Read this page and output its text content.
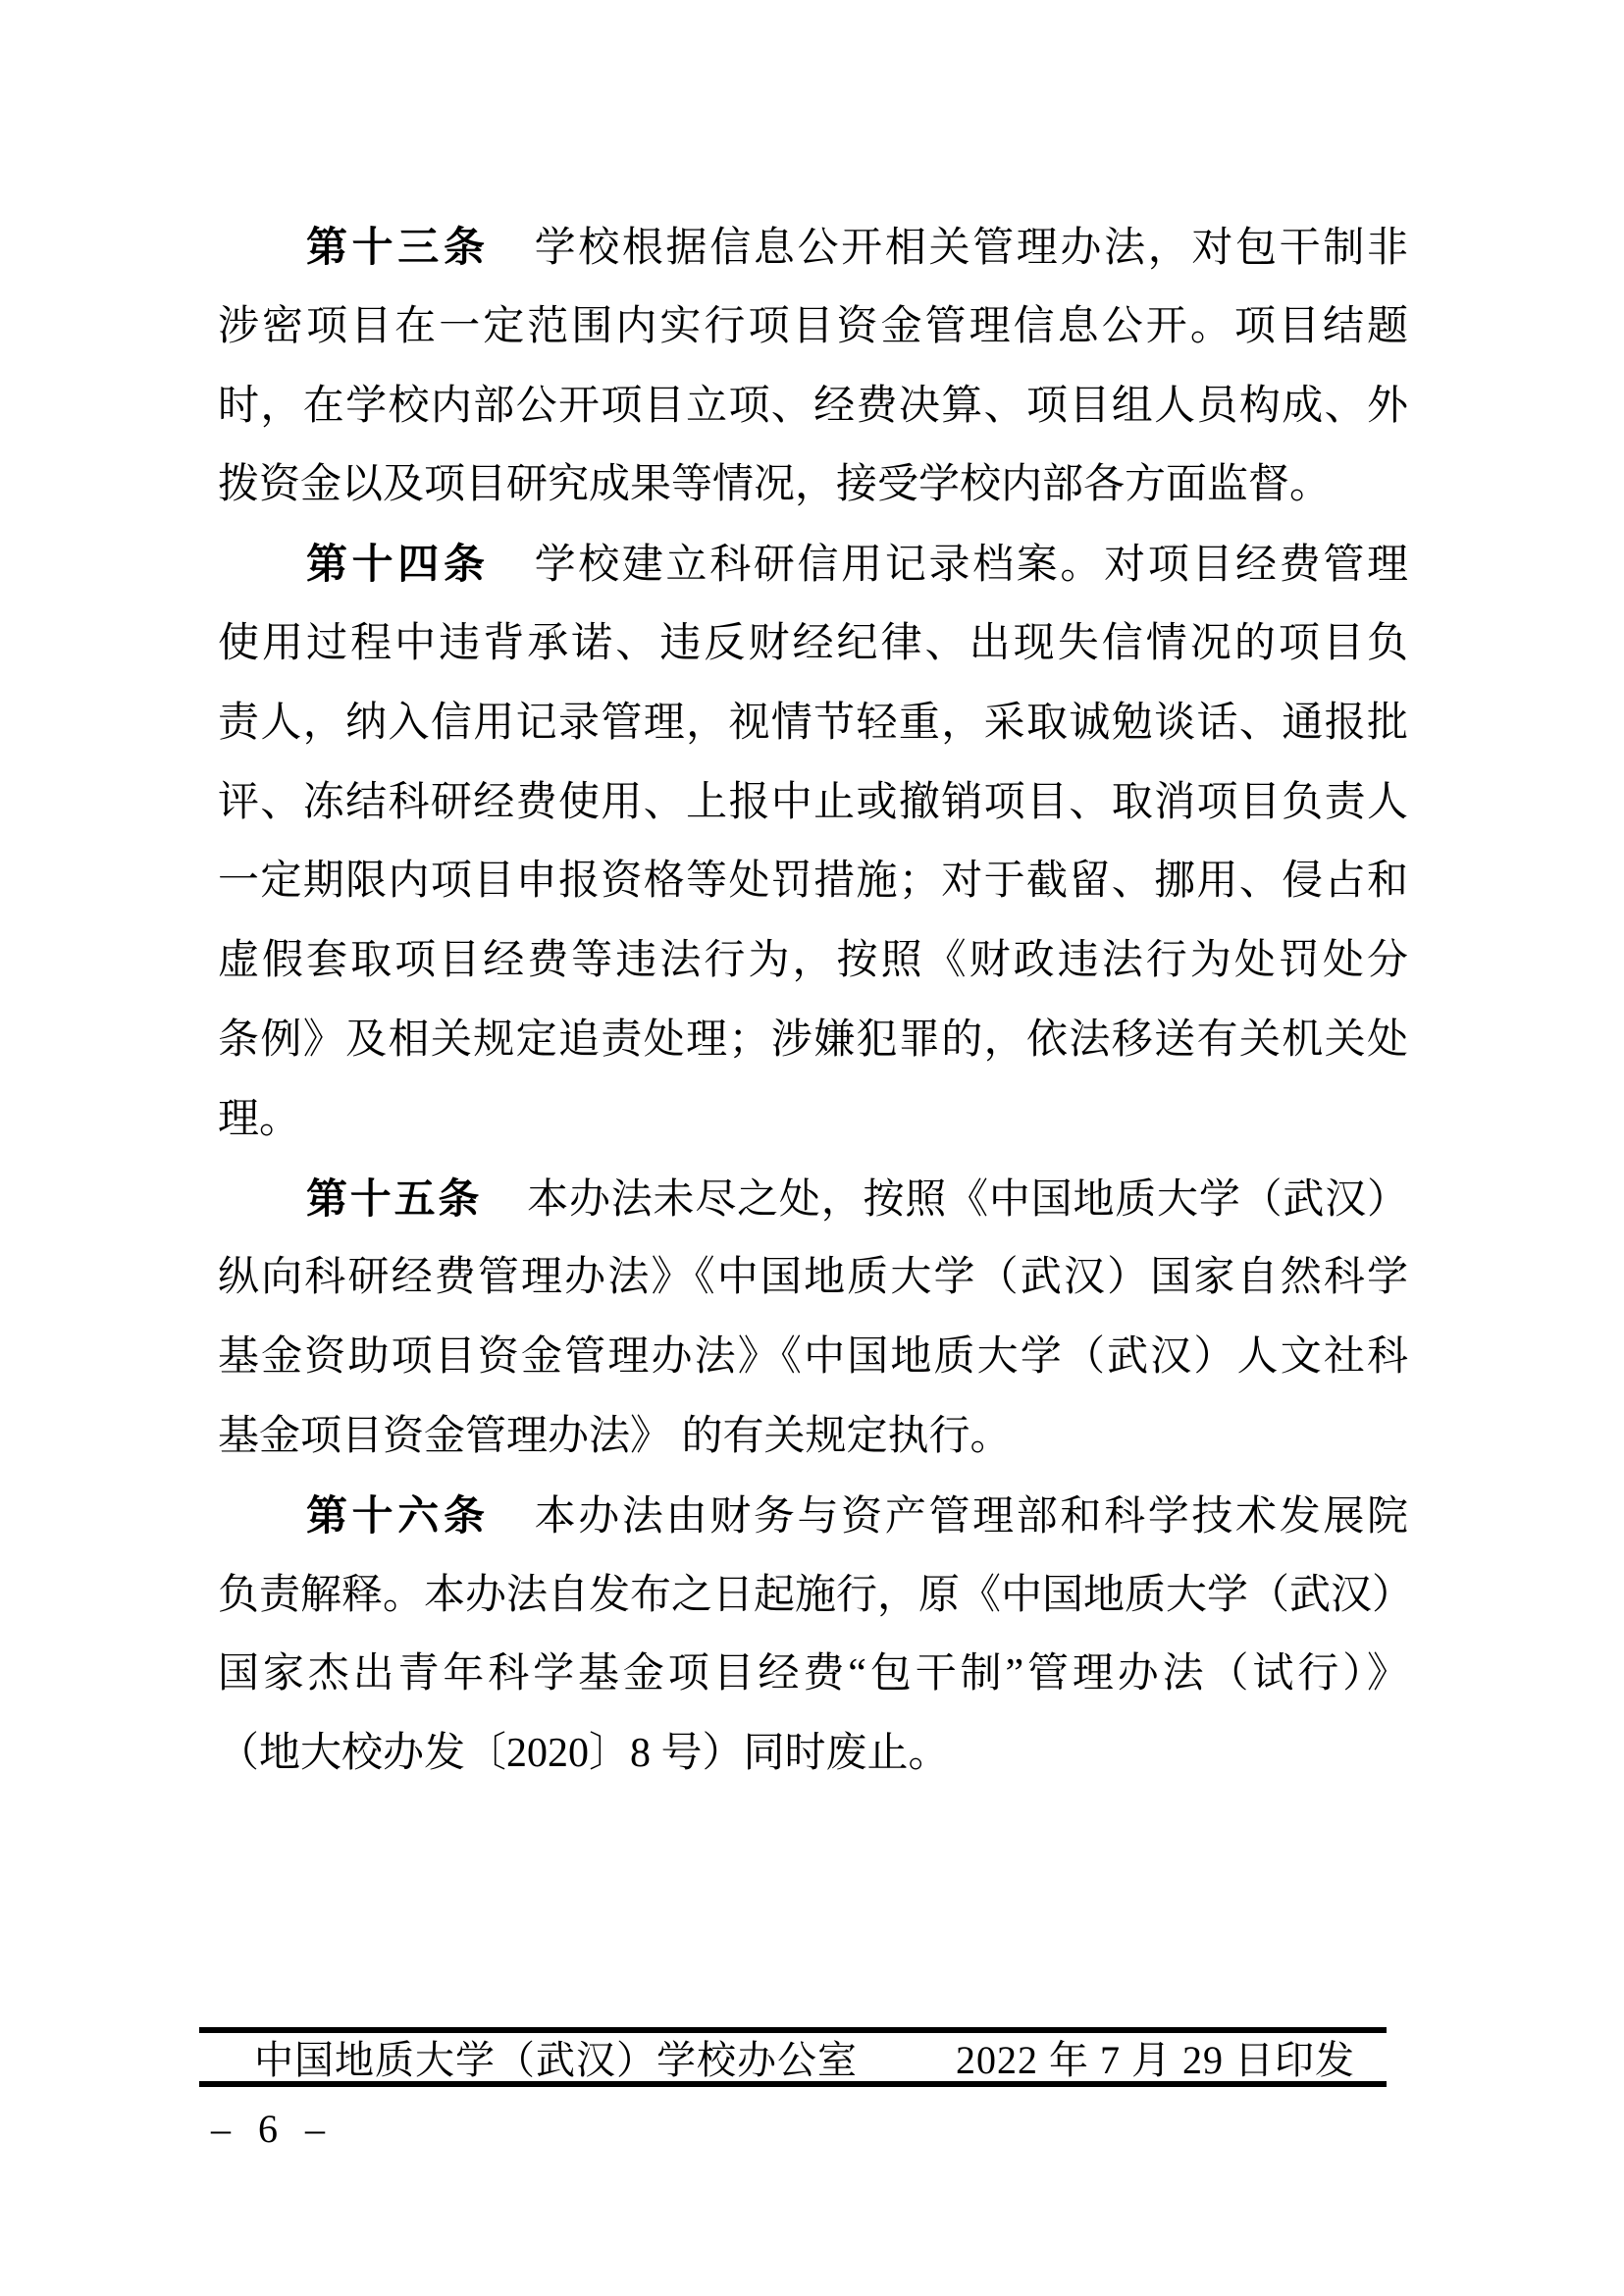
第十三条 学校根据信息公开相关管理办法，对包干制非
涉密项目在一定范围内实行项目资金管理信息公开。项目结题
时，在学校内部公开项目立项、经费决算、项目组人员构成、外
拨资金以及项目研究成果等情况，接受学校内部各方面监督。
第十四条 学校建立科研信用记录档案。对项目经费管理
使用过程中违背承诺、违反财经纪律、出现失信情况的项目负
责人，纳入信用记录管理，视情节轻重，采取诚勉谈话、通报批
评、冻结科研经费使用、上报中止或撤销项目、取消项目负责人
一定期限内项目申报资格等处罚措施；对于截留、挪用、侵占和
虚假套取项目经费等违法行为，按照《财政违法行为处罚处分
条例》及相关规定追责处理；涉嫌犯罪的，依法移送有关机关处
理。
第十五条 本办法未尽之处，按照《中国地质大学（武汉）
纵向科研经费管理办法》《中国地质大学（武汉）国家自然科学
基金资助项目资金管理办法》《中国地质大学（武汉）人文社科
基金项目资金管理办法》 的有关规定执行。
第十六条 本办法由财务与资产管理部和科学技术发展院
负责解释。本办法自发布之日起施行，原《中国地质大学（武汉）
国家杰出青年科学基金项目经费“包干制”管理办法（试行）》
（地大校办发〔2020〕8 号）同时废止。
中国地质大学（武汉）学校办公室	2022 年 7 月 29 日印发
– 6 –
